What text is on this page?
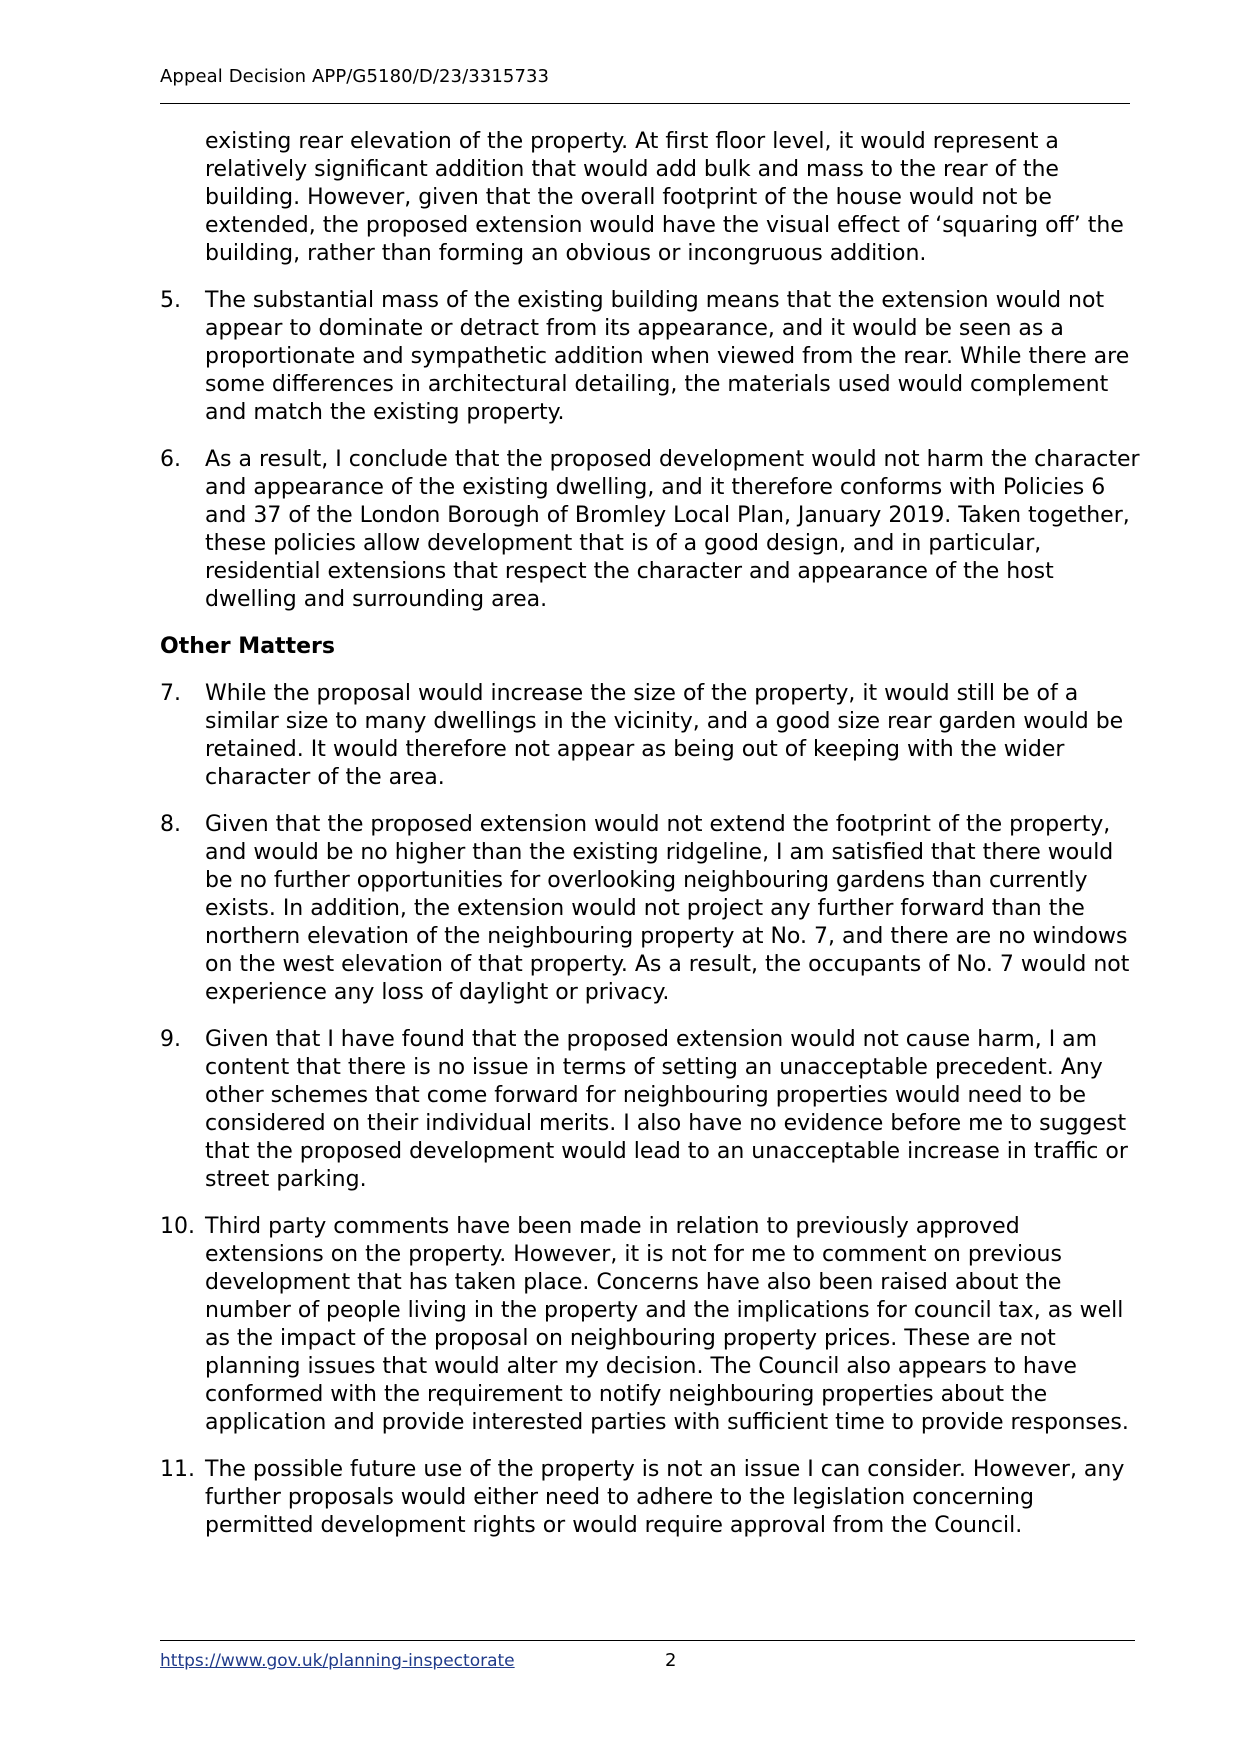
Appeal Decision APP/G5180/D/23/3315733
existing rear elevation of the property. At first floor level, it would represent a relatively significant addition that would add bulk and mass to the rear of the building. However, given that the overall footprint of the house would not be extended, the proposed extension would have the visual effect of ‘squaring off’ the building, rather than forming an obvious or incongruous addition.
5. The substantial mass of the existing building means that the extension would not appear to dominate or detract from its appearance, and it would be seen as a proportionate and sympathetic addition when viewed from the rear. While there are some differences in architectural detailing, the materials used would complement and match the existing property.
6. As a result, I conclude that the proposed development would not harm the character and appearance of the existing dwelling, and it therefore conforms with Policies 6 and 37 of the London Borough of Bromley Local Plan, January 2019. Taken together, these policies allow development that is of a good design, and in particular, residential extensions that respect the character and appearance of the host dwelling and surrounding area.
Other Matters
7. While the proposal would increase the size of the property, it would still be of a similar size to many dwellings in the vicinity, and a good size rear garden would be retained. It would therefore not appear as being out of keeping with the wider character of the area.
8. Given that the proposed extension would not extend the footprint of the property, and would be no higher than the existing ridgeline, I am satisfied that there would be no further opportunities for overlooking neighbouring gardens than currently exists. In addition, the extension would not project any further forward than the northern elevation of the neighbouring property at No. 7, and there are no windows on the west elevation of that property. As a result, the occupants of No. 7 would not experience any loss of daylight or privacy.
9. Given that I have found that the proposed extension would not cause harm, I am content that there is no issue in terms of setting an unacceptable precedent. Any other schemes that come forward for neighbouring properties would need to be considered on their individual merits. I also have no evidence before me to suggest that the proposed development would lead to an unacceptable increase in traffic or street parking.
10. Third party comments have been made in relation to previously approved extensions on the property. However, it is not for me to comment on previous development that has taken place. Concerns have also been raised about the number of people living in the property and the implications for council tax, as well as the impact of the proposal on neighbouring property prices. These are not planning issues that would alter my decision. The Council also appears to have conformed with the requirement to notify neighbouring properties about the application and provide interested parties with sufficient time to provide responses.
11. The possible future use of the property is not an issue I can consider. However, any further proposals would either need to adhere to the legislation concerning permitted development rights or would require approval from the Council.
https://www.gov.uk/planning-inspectorate	2
